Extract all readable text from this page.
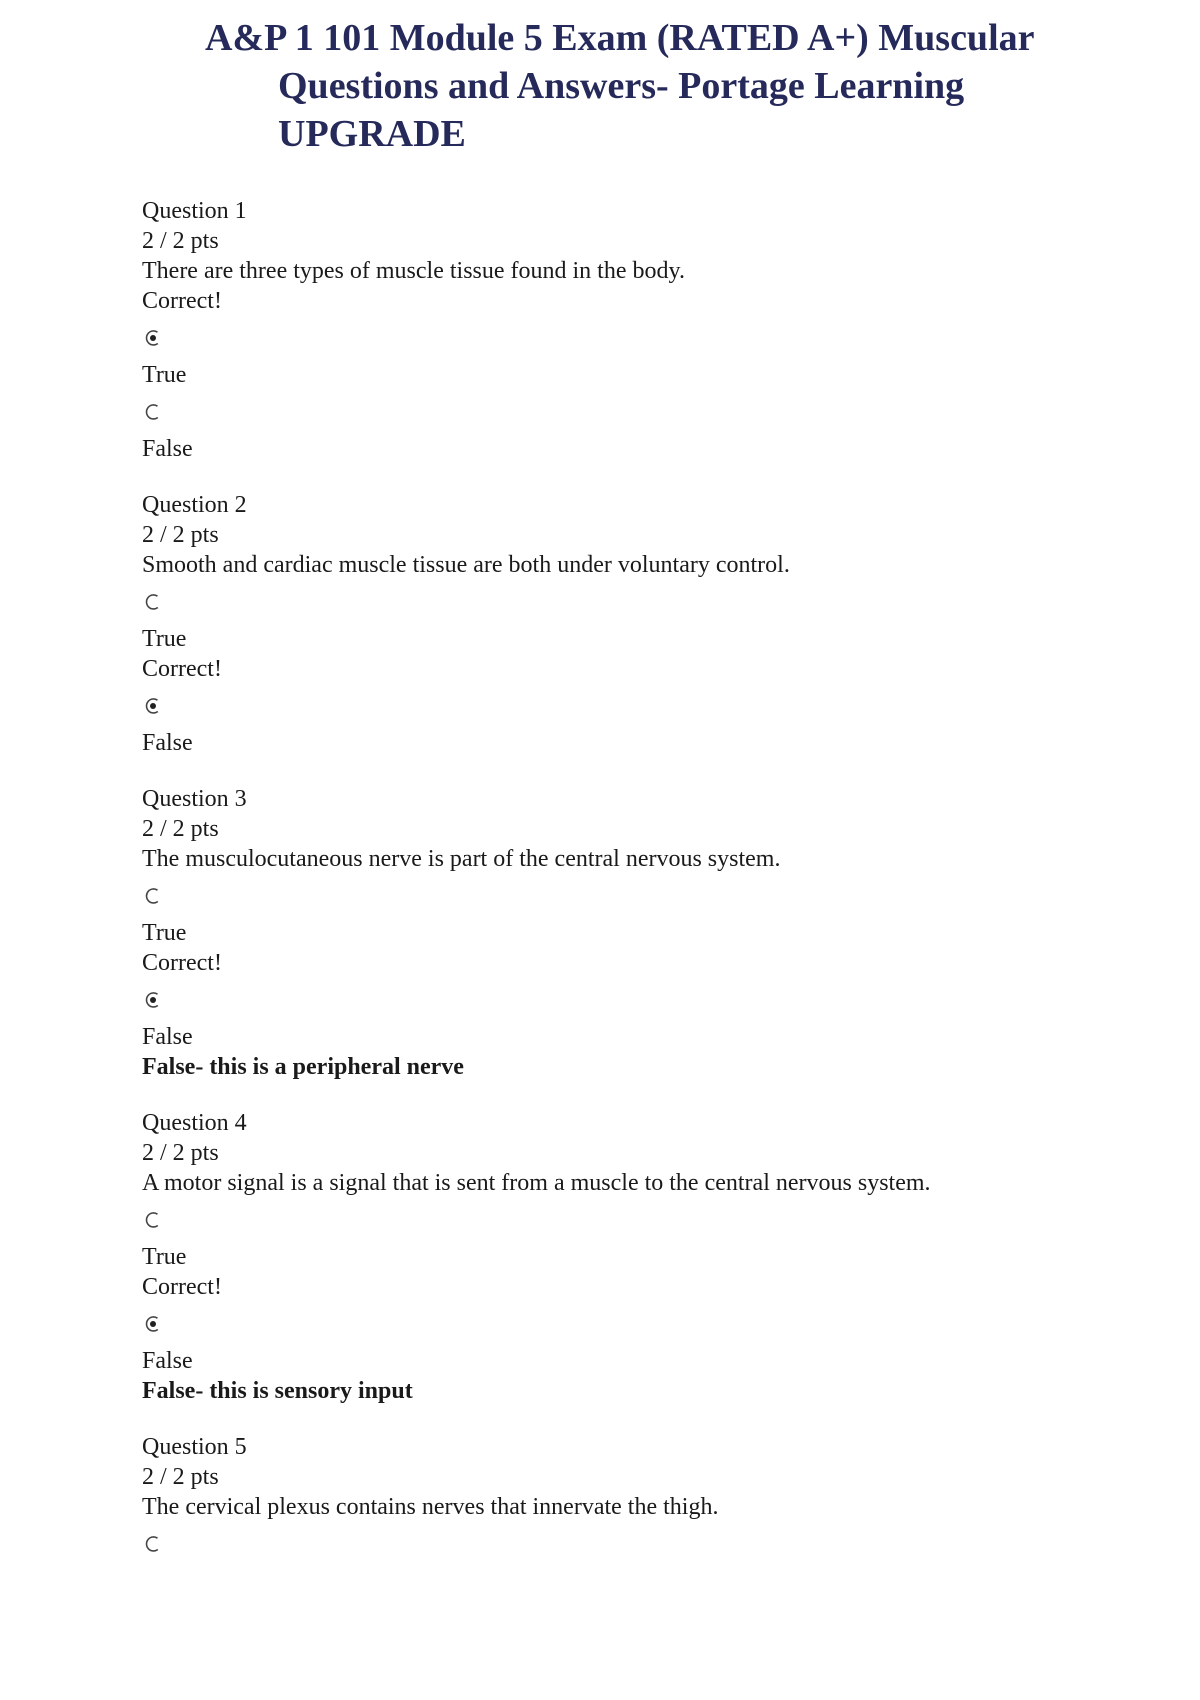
A&P 1 101 Module 5 Exam (RATED A+) Muscular
Questions and Answers- Portage Learning
UPGRADE
Question 1
2 / 2 pts
There are three types of muscle tissue found in the body.
Correct!
True
False
Question 2
2 / 2 pts
Smooth and cardiac muscle tissue are both under voluntary control.
True
Correct!
False
Question 3
2 / 2 pts
The musculocutaneous nerve is part of the central nervous system.
True
Correct!
False
False- this is a peripheral nerve
Question 4
2 / 2 pts
A motor signal is a signal that is sent from a muscle to the central nervous system.
True
Correct!
False
False- this is sensory input
Question 5
2 / 2 pts
The cervical plexus contains nerves that innervate the thigh.
